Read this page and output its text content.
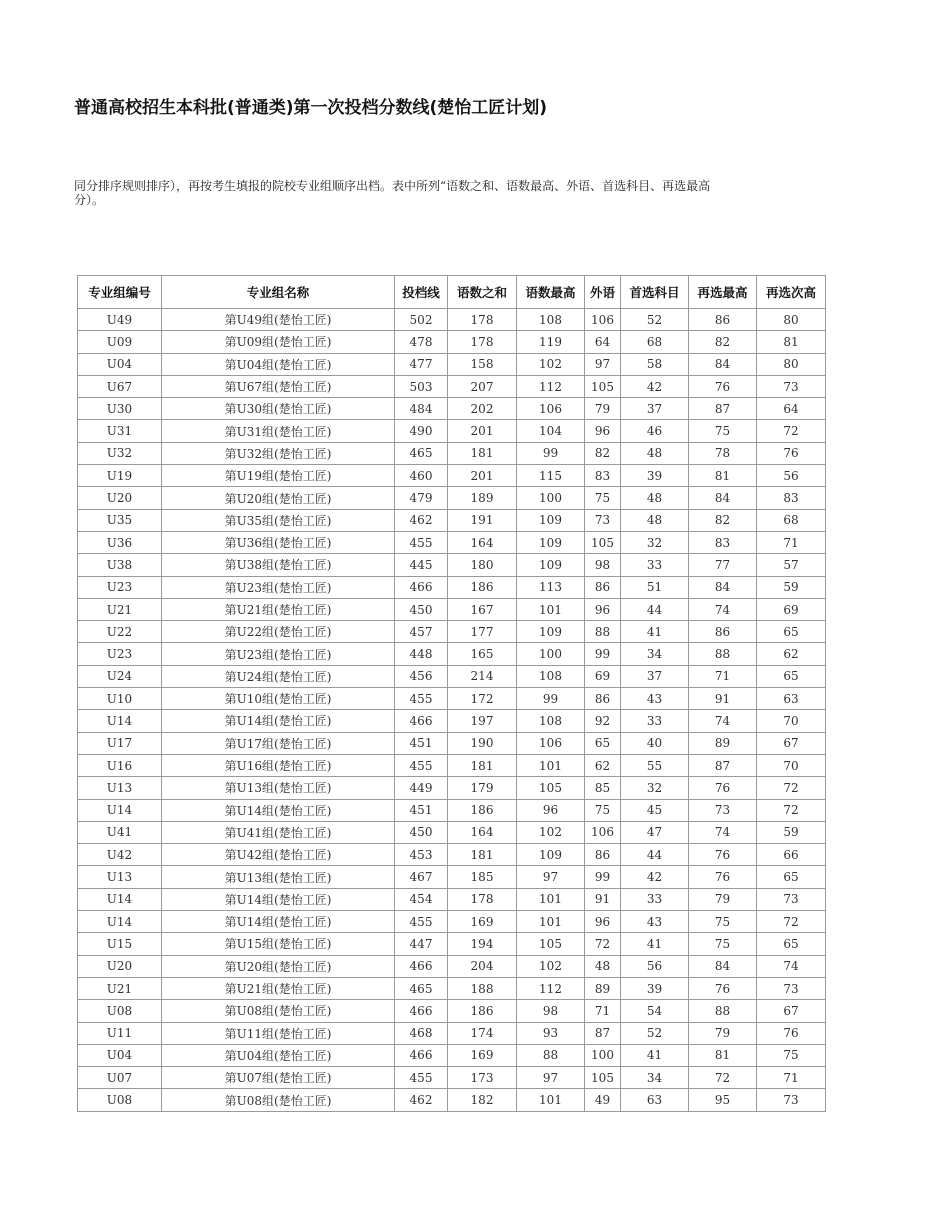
普通高校招生本科批(普通类)第一次投档分数线(楚怡工匠计划)
同分排序规则排序），再按考生填报的院校专业组顺序出档。表中所列“语数之和、语数最高、外语、首选科目、再选最高
分）。
专业组编号	专业组名称	投档线	语数之和	语数最高	外语	首选科目	再选最高	再选次高
U49	第U49组(楚怡工匠)	502	178	108	106	52	86	80
U09	第U09组(楚怡工匠)	478	178	119	64	68	82	81
U04	第U04组(楚怡工匠)	477	158	102	97	58	84	80
U67	第U67组(楚怡工匠)	503	207	112	105	42	76	73
U30	第U30组(楚怡工匠)	484	202	106	79	37	87	64
U31	第U31组(楚怡工匠)	490	201	104	96	46	75	72
U32	第U32组(楚怡工匠)	465	181	99	82	48	78	76
U19	第U19组(楚怡工匠)	460	201	115	83	39	81	56
U20	第U20组(楚怡工匠)	479	189	100	75	48	84	83
U35	第U35组(楚怡工匠)	462	191	109	73	48	82	68
U36	第U36组(楚怡工匠)	455	164	109	105	32	83	71
U38	第U38组(楚怡工匠)	445	180	109	98	33	77	57
U23	第U23组(楚怡工匠)	466	186	113	86	51	84	59
U21	第U21组(楚怡工匠)	450	167	101	96	44	74	69
U22	第U22组(楚怡工匠)	457	177	109	88	41	86	65
U23	第U23组(楚怡工匠)	448	165	100	99	34	88	62
U24	第U24组(楚怡工匠)	456	214	108	69	37	71	65
U10	第U10组(楚怡工匠)	455	172	99	86	43	91	63
U14	第U14组(楚怡工匠)	466	197	108	92	33	74	70
U17	第U17组(楚怡工匠)	451	190	106	65	40	89	67
U16	第U16组(楚怡工匠)	455	181	101	62	55	87	70
U13	第U13组(楚怡工匠)	449	179	105	85	32	76	72
U14	第U14组(楚怡工匠)	451	186	96	75	45	73	72
U41	第U41组(楚怡工匠)	450	164	102	106	47	74	59
U42	第U42组(楚怡工匠)	453	181	109	86	44	76	66
U13	第U13组(楚怡工匠)	467	185	97	99	42	76	65
U14	第U14组(楚怡工匠)	454	178	101	91	33	79	73
U14	第U14组(楚怡工匠)	455	169	101	96	43	75	72
U15	第U15组(楚怡工匠)	447	194	105	72	41	75	65
U20	第U20组(楚怡工匠)	466	204	102	48	56	84	74
U21	第U21组(楚怡工匠)	465	188	112	89	39	76	73
U08	第U08组(楚怡工匠)	466	186	98	71	54	88	67
U11	第U11组(楚怡工匠)	468	174	93	87	52	79	76
U04	第U04组(楚怡工匠)	466	169	88	100	41	81	75
U07	第U07组(楚怡工匠)	455	173	97	105	34	72	71
U08	第U08组(楚怡工匠)	462	182	101	49	63	95	73
